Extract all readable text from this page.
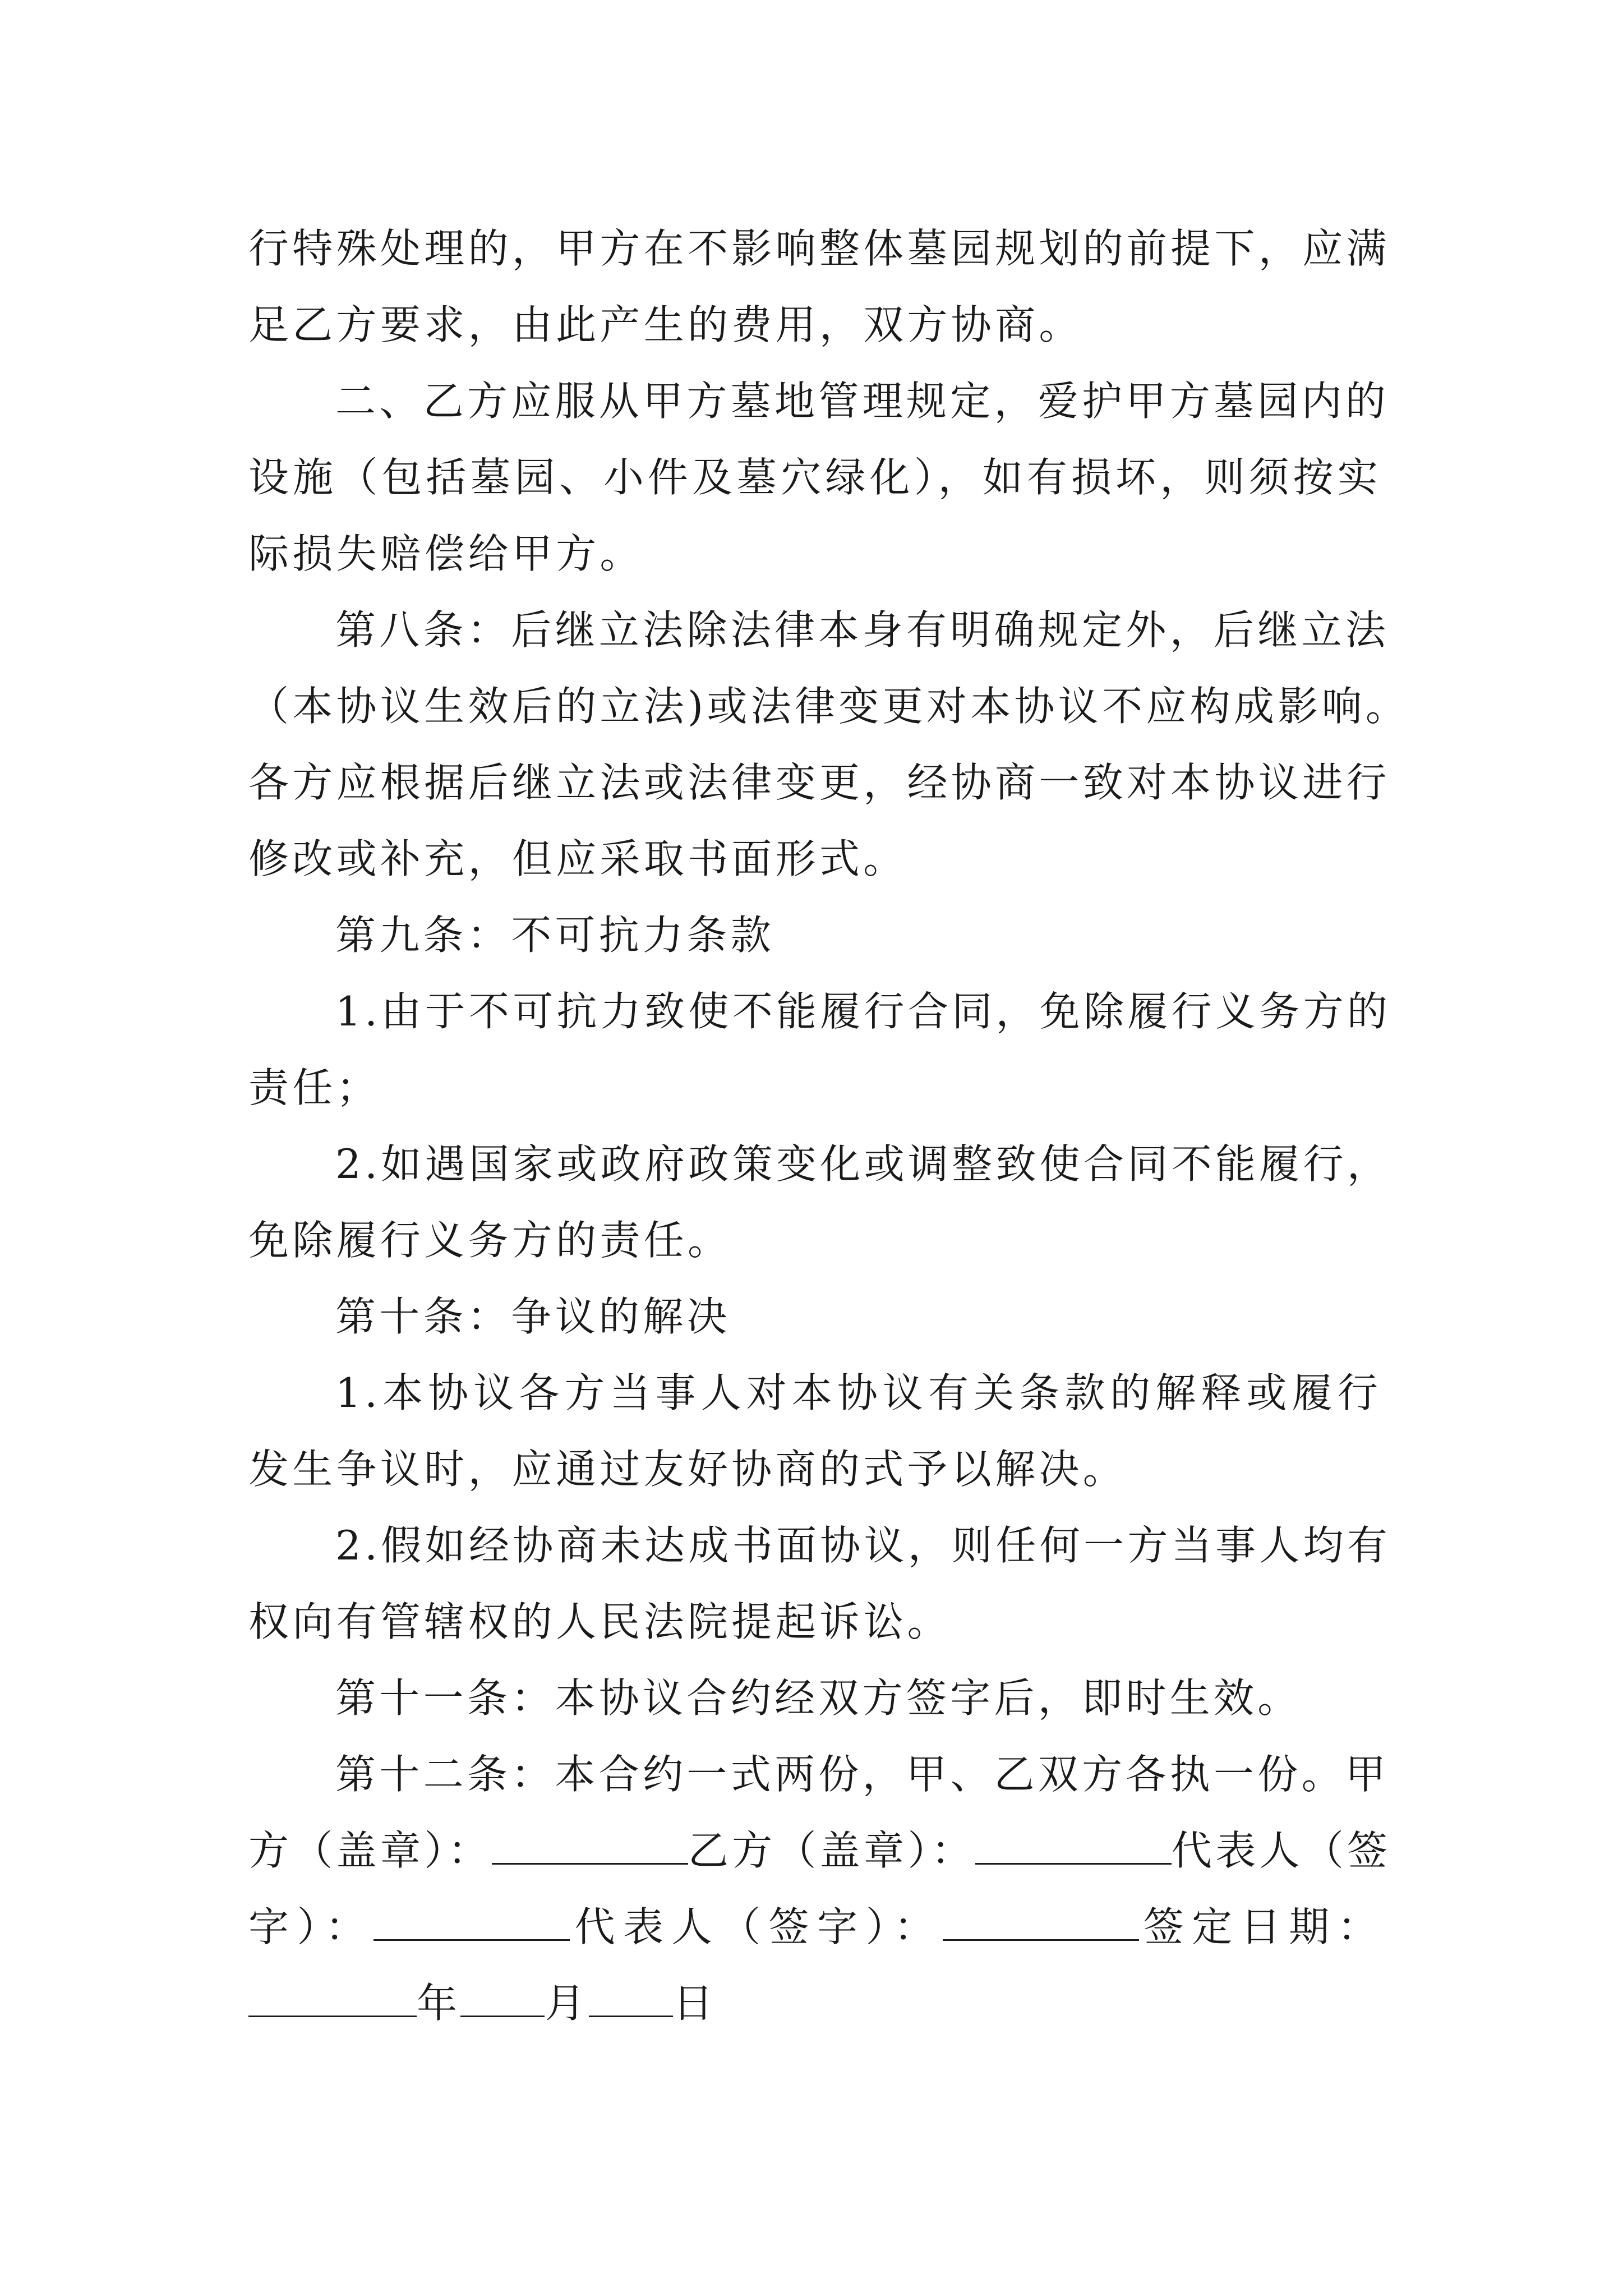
行特殊处理的，甲方在不影响整体墓园规划的前提下，应满
足乙方要求，由此产生的费用，双方协商。
二、乙方应服从甲方墓地管理规定，爱护甲方墓园内的
设施（包括墓园、小件及墓穴绿化），如有损坏，则须按实
际损失赔偿给甲方。
第八条：后继立法除法律本身有明确规定外，后继立法
（本协议生效后的立法)或法律变更对本协议不应构成影响。
各方应根据后继立法或法律变更，经协商一致对本协议进行
修改或补充，但应采取书面形式。
第九条：不可抗力条款
1.由于不可抗力致使不能履行合同，免除履行义务方的
责任；
2.如遇国家或政府政策变化或调整致使合同不能履行，
免除履行义务方的责任。
第十条：争议的解决
1.本协议各方当事人对本协议有关条款的解释或履行
发生争议时，应通过友好协商的式予以解决。
2.假如经协商未达成书面协议，则任何一方当事人均有
权向有管辖权的人民法院提起诉讼。
第十一条：本协议合约经双方签字后，即时生效。
第十二条：本合约一式两份，甲、乙双方各执一份。甲
方（盖章）：	乙方（盖章）：	代表人（签
字）：	代表人（签字）：	签定日期：
年 月 日
